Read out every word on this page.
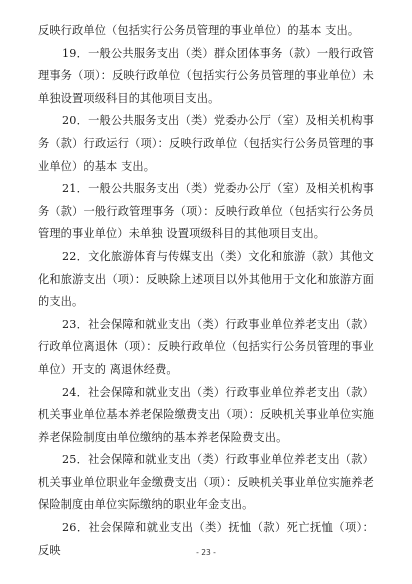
反映行政单位（包括实行公务员管理的事业单位）的基本 支出。

19．一般公共服务支出（类）群众团体事务（款）一般行政管理事务（项）：反映行政单位（包括实行公务员管理的事业单位）未单独设置项级科目的其他项目支出。

20．一般公共服务支出（类）党委办公厅（室）及相关机构事务（款）行政运行（项）：反映行政单位（包括实行公务员管理的事业单位）的基本 支出。

21．一般公共服务支出（类）党委办公厅（室）及相关机构事务（款）一般行政管理事务（项）：反映行政单位（包括实行公务员管理的事业单位）未单独 设置项级科目的其他项目支出。

22．文化旅游体育与传媒支出（类）文化和旅游（款）其他文化和旅游支出（项）：反映除上述项目以外其他用于文化和旅游方面的支出。

23．社会保障和就业支出（类）行政事业单位养老支出（款）行政单位离退休（项）：反映行政单位（包括实行公务员管理的事业单位）开支的 离退休经费。

24．社会保障和就业支出（类）行政事业单位养老支出（款）机关事业单位基本养老保险缴费支出（项）：反映机关事业单位实施养老保险制度由单位缴纳的基本养老保险费支出。

25．社会保障和就业支出（类）行政事业单位养老支出（款）机关事业单位职业年金缴费支出（项）：反映机关事业单位实施养老保险制度由单位实际缴纳的职业年金支出。

26．社会保障和就业支出（类）抚恤（款）死亡抚恤（项）：反映	- 23 -
